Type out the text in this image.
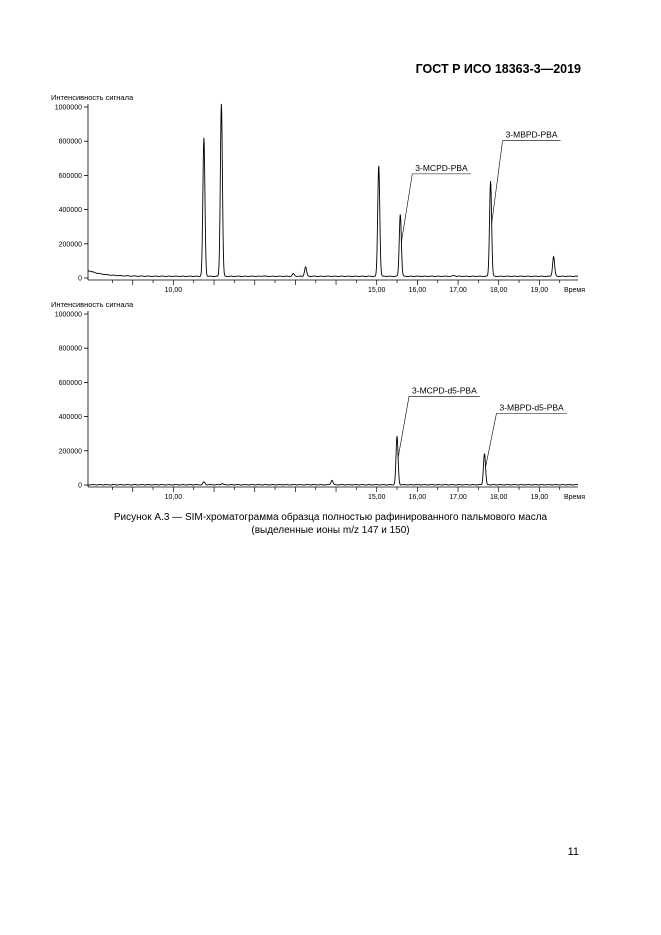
ГОСТ Р ИСО 18363-3—2019
Интенсивность сигнала
0
200000
400000
600000
800000
1000000
10,00	15,00	16,00	17,00	18,00	19,00 Время
3-MCPD-PBA
3-MBPD-PBA
Интенсивность сигнала
0
200000
400000
600000
800000
1000000
10,00	15,00	16,00	17,00	18,00	19,00 Время
3-MCPD-d5-PBA
3-MBPD-d5-PBA
Рисунок А.3 — SIM-хроматограмма образца полностью рафинированного пальмового масла
(выделенные ионы m/z 147 и 150)
11
